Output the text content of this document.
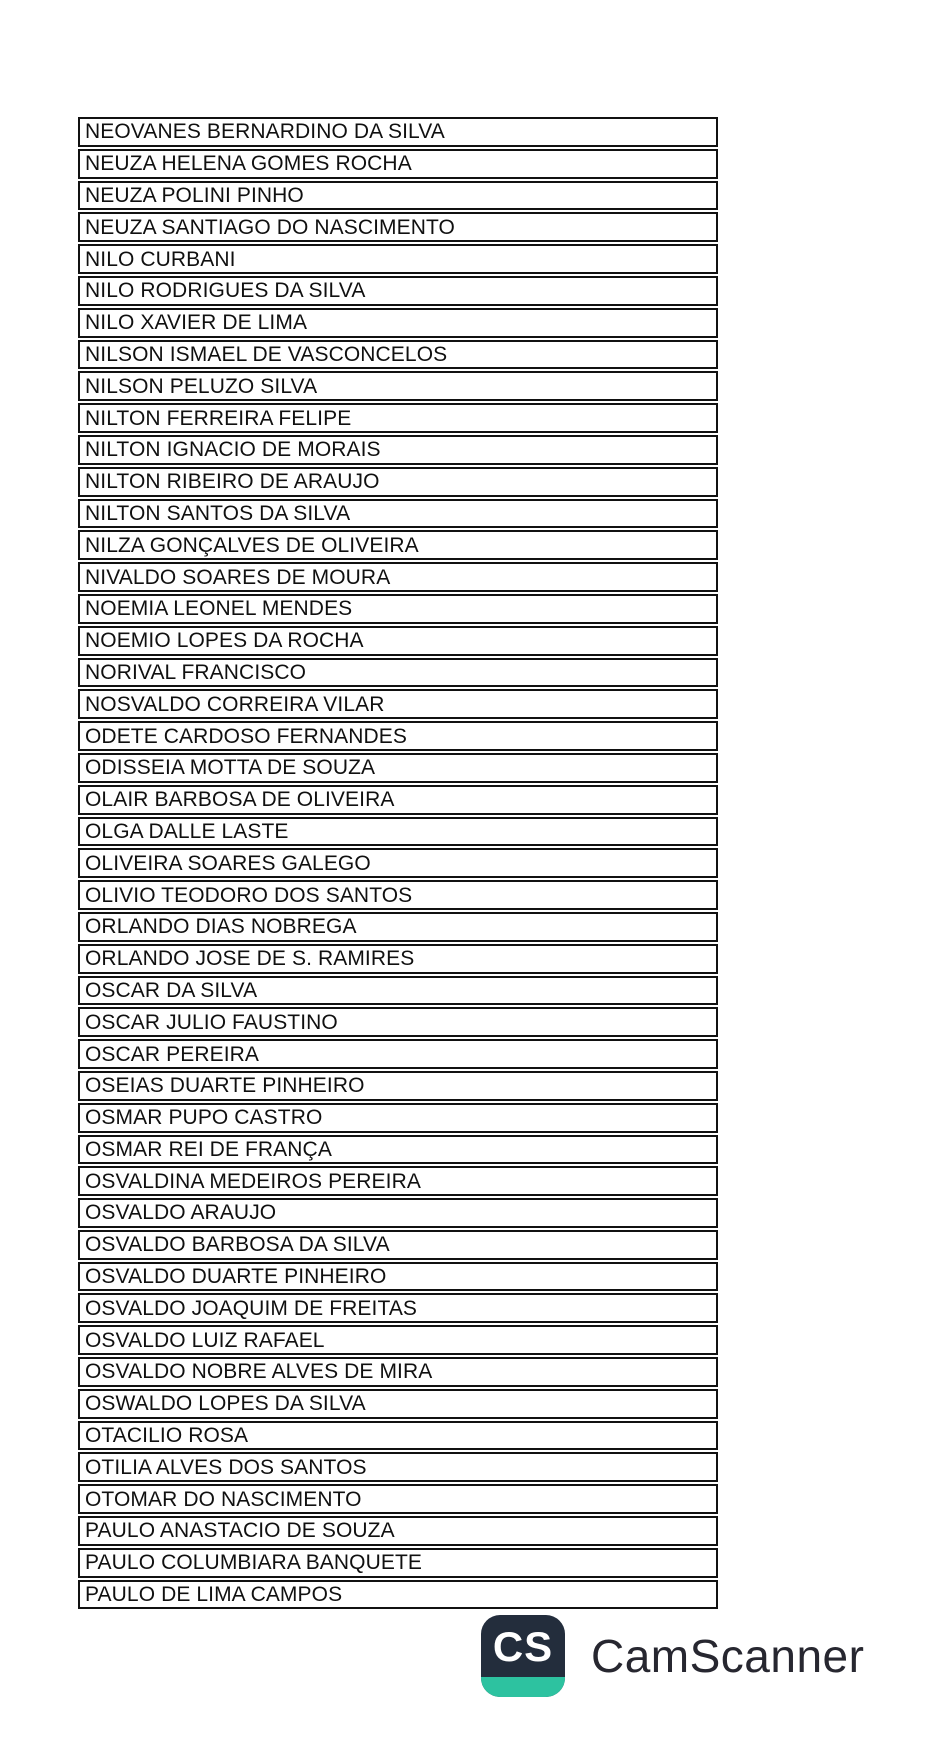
NEOVANES BERNARDINO DA SILVA
NEUZA HELENA GOMES ROCHA
NEUZA POLINI PINHO
NEUZA SANTIAGO DO NASCIMENTO
NILO CURBANI
NILO RODRIGUES DA SILVA
NILO XAVIER DE LIMA
NILSON ISMAEL DE VASCONCELOS
NILSON PELUZO SILVA
NILTON FERREIRA FELIPE
NILTON IGNACIO DE MORAIS
NILTON RIBEIRO DE ARAUJO
NILTON SANTOS DA SILVA
NILZA GONÇALVES DE OLIVEIRA
NIVALDO SOARES DE MOURA
NOEMIA LEONEL MENDES
NOEMIO LOPES DA ROCHA
NORIVAL FRANCISCO
NOSVALDO CORREIRA VILAR
ODETE CARDOSO FERNANDES
ODISSEIA MOTTA DE SOUZA
OLAIR BARBOSA DE OLIVEIRA
OLGA DALLE LASTE
OLIVEIRA SOARES GALEGO
OLIVIO TEODORO DOS SANTOS
ORLANDO DIAS NOBREGA
ORLANDO JOSE DE S. RAMIRES
OSCAR DA SILVA
OSCAR JULIO FAUSTINO
OSCAR PEREIRA
OSEIAS DUARTE PINHEIRO
OSMAR PUPO CASTRO
OSMAR REI DE FRANÇA
OSVALDINA MEDEIROS PEREIRA
OSVALDO ARAUJO
OSVALDO BARBOSA DA SILVA
OSVALDO DUARTE PINHEIRO
OSVALDO JOAQUIM DE FREITAS
OSVALDO LUIZ RAFAEL
OSVALDO NOBRE ALVES DE MIRA
OSWALDO LOPES DA SILVA
OTACILIO ROSA
OTILIA ALVES DOS SANTOS
OTOMAR DO NASCIMENTO
PAULO ANASTACIO DE SOUZA
PAULO COLUMBIARA BANQUETE
PAULO DE LIMA CAMPOS
CS CamScanner
